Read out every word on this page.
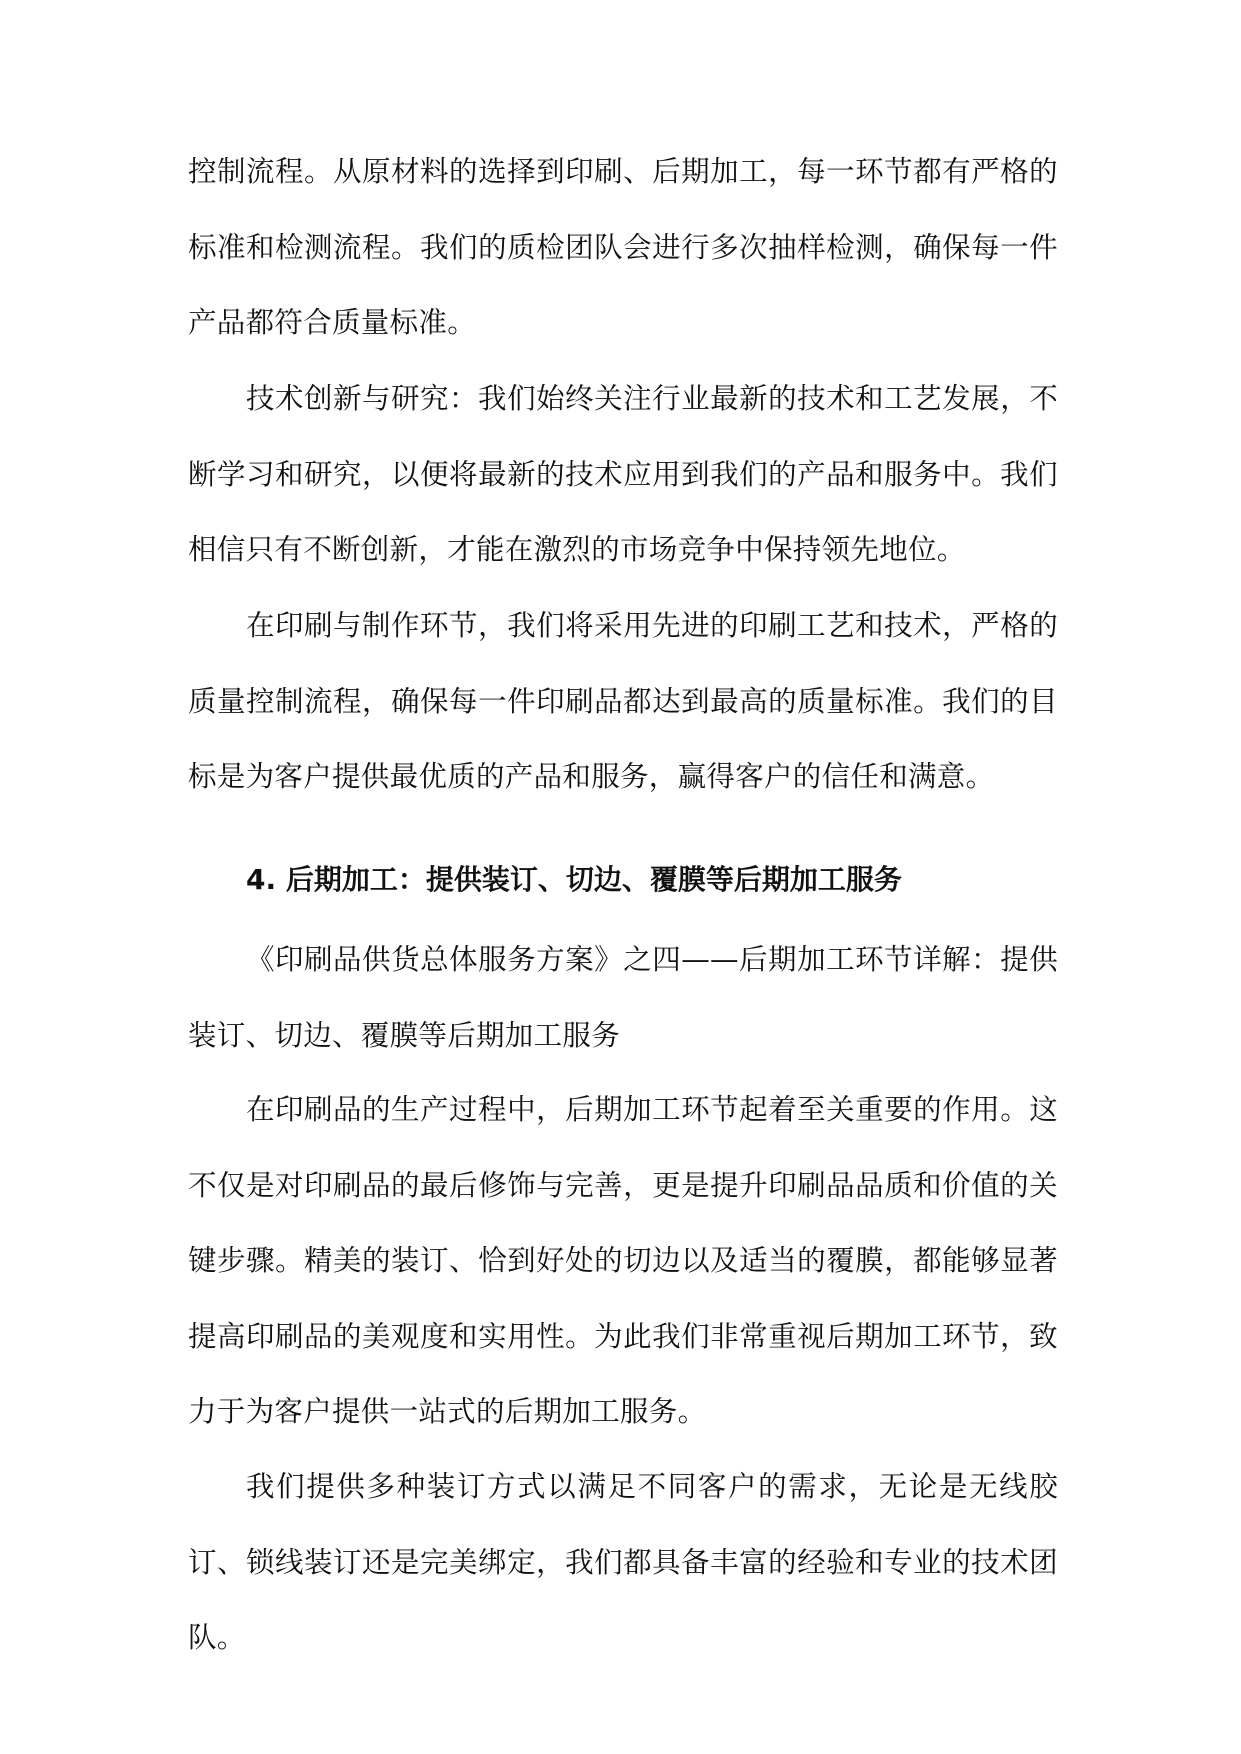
控制流程。从原材料的选择到印刷、后期加工，每一环节都有严格的标准和检测流程。我们的质检团队会进行多次抽样检测，确保每一件产品都符合质量标准。

技术创新与研究：我们始终关注行业最新的技术和工艺发展，不断学习和研究，以便将最新的技术应用到我们的产品和服务中。我们相信只有不断创新，才能在激烈的市场竞争中保持领先地位。

在印刷与制作环节，我们将采用先进的印刷工艺和技术，严格的质量控制流程，确保每一件印刷品都达到最高的质量标准。我们的目标是为客户提供最优质的产品和服务，赢得客户的信任和满意。

4. 后期加工：提供装订、切边、覆膜等后期加工服务

《印刷品供货总体服务方案》之四——后期加工环节详解：提供装订、切边、覆膜等后期加工服务

在印刷品的生产过程中，后期加工环节起着至关重要的作用。这不仅是对印刷品的最后修饰与完善，更是提升印刷品品质和价值的关键步骤。精美的装订、恰到好处的切边以及适当的覆膜，都能够显著提高印刷品的美观度和实用性。为此我们非常重视后期加工环节，致力于为客户提供一站式的后期加工服务。

我们提供多种装订方式以满足不同客户的需求，无论是无线胶订、锁线装订还是完美绑定，我们都具备丰富的经验和专业的技术团队。
